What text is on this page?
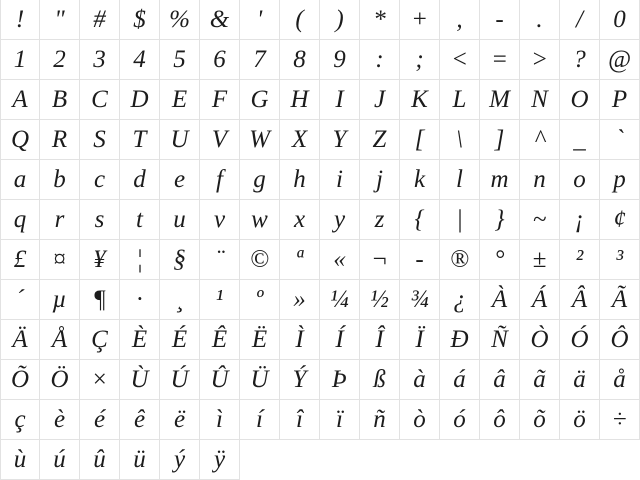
!	"	#	$ % &	'	(	)	*	+	,	-	.	/	0
1	2	3	4	5	6	7	8	9	:	;	< = >	? @
A B C D E F G H	I	J	K L M N O P
Q R	S	T U V W X	Y	Z	[	\	]	^	_	`
a	b	c	d	e	f	g	h	i	j	k	l	m n	o	p
q	r	s	t	u	v	w	x	y	z	{	|	}	~	¡	¢
£	¤	¥	¦	§	¨	©	ª	«	¬	-	®	°	±	²	³
´	µ	¶	·	¸	¹	º	» ¼ ½ ¾ ¿	À Á Â Ã
Ä Å Ç È É Ê Ë	Ì	Í	Î	Ï	Ð Ñ Ò Ó Ô
Õ Ö × Ù Ú Û Ü Ý	Þ	ß	à	á	â	ã	ä	å
ç	è	é	ê	ë	ì	í	î	ï	ñ	ò	ó	ô	õ	ö	÷
ù	ú	û	ü	ý	ÿ
